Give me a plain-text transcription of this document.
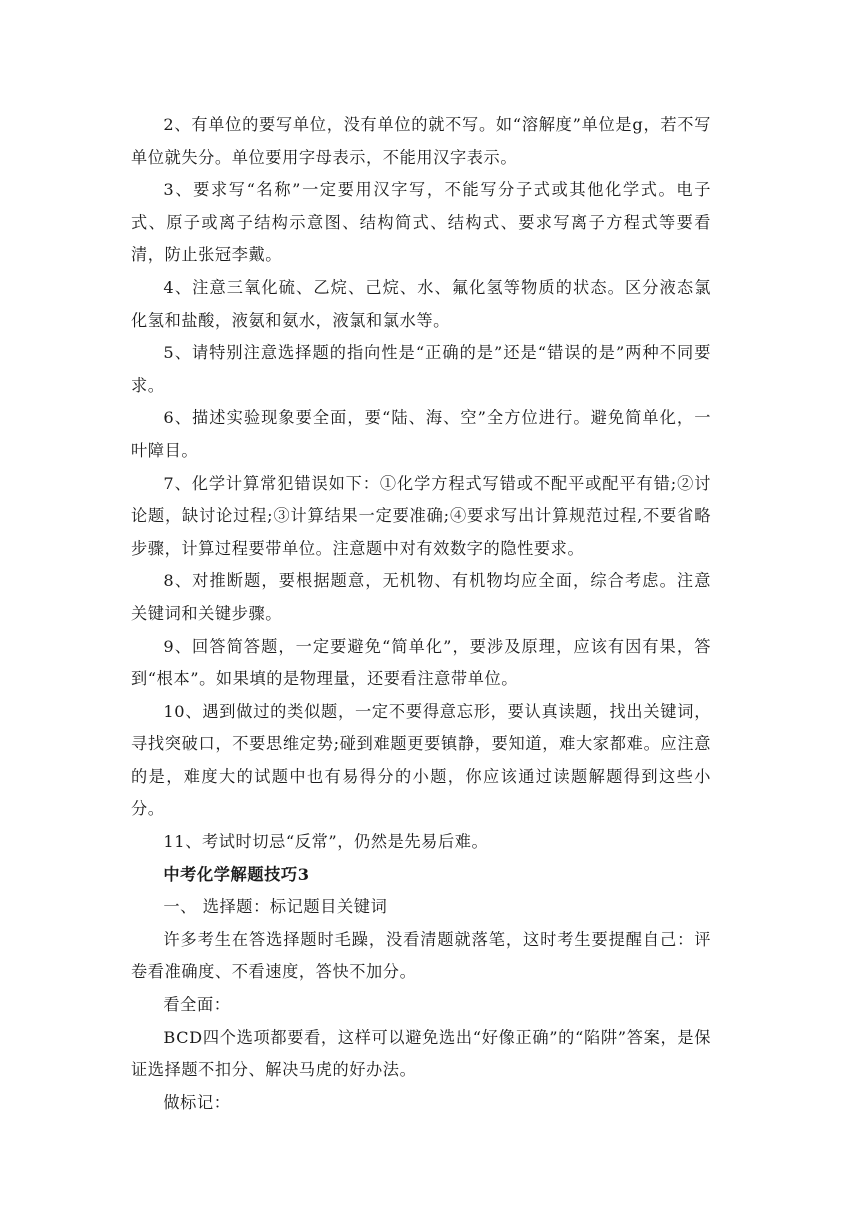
2、有单位的要写单位，没有单位的就不写。如“溶解度”单位是g，若不写单位就失分。单位要用字母表示，不能用汉字表示。

3、要求写“名称”一定要用汉字写，不能写分子式或其他化学式。电子式、原子或离子结构示意图、结构简式、结构式、要求写离子方程式等要看清，防止张冠李戴。

4、注意三氧化硫、乙烷、己烷、水、氟化氢等物质的状态。区分液态氯化氢和盐酸，液氨和氨水，液氯和氯水等。

5、请特别注意选择题的指向性是“正确的是”还是“错误的是”两种不同要求。

6、描述实验现象要全面，要“陆、海、空”全方位进行。避免简单化，一叶障目。

7、化学计算常犯错误如下：①化学方程式写错或不配平或配平有错;②讨论题，缺讨论过程;③计算结果一定要准确;④要求写出计算规范过程,不要省略步骤，计算过程要带单位。注意题中对有效数字的隐性要求。

8、对推断题，要根据题意，无机物、有机物均应全面，综合考虑。注意关键词和关键步骤。

9、回答简答题，一定要避免“简单化”，要涉及原理，应该有因有果，答到“根本”。如果填的是物理量，还要看注意带单位。

10、遇到做过的类似题，一定不要得意忘形，要认真读题，找出关键词，寻找突破口，不要思维定势;碰到难题更要镇静，要知道，难大家都难。应注意的是，难度大的试题中也有易得分的小题，你应该通过读题解题得到这些小分。

11、考试时切忌“反常”，仍然是先易后难。

中考化学解题技巧3

一、 选择题：标记题目关键词

许多考生在答选择题时毛躁，没看清题就落笔，这时考生要提醒自己：评卷看准确度、不看速度，答快不加分。

看全面：

BCD四个选项都要看，这样可以避免选出“好像正确”的“陷阱”答案，是保证选择题不扣分、解决马虎的好办法。

做标记：
